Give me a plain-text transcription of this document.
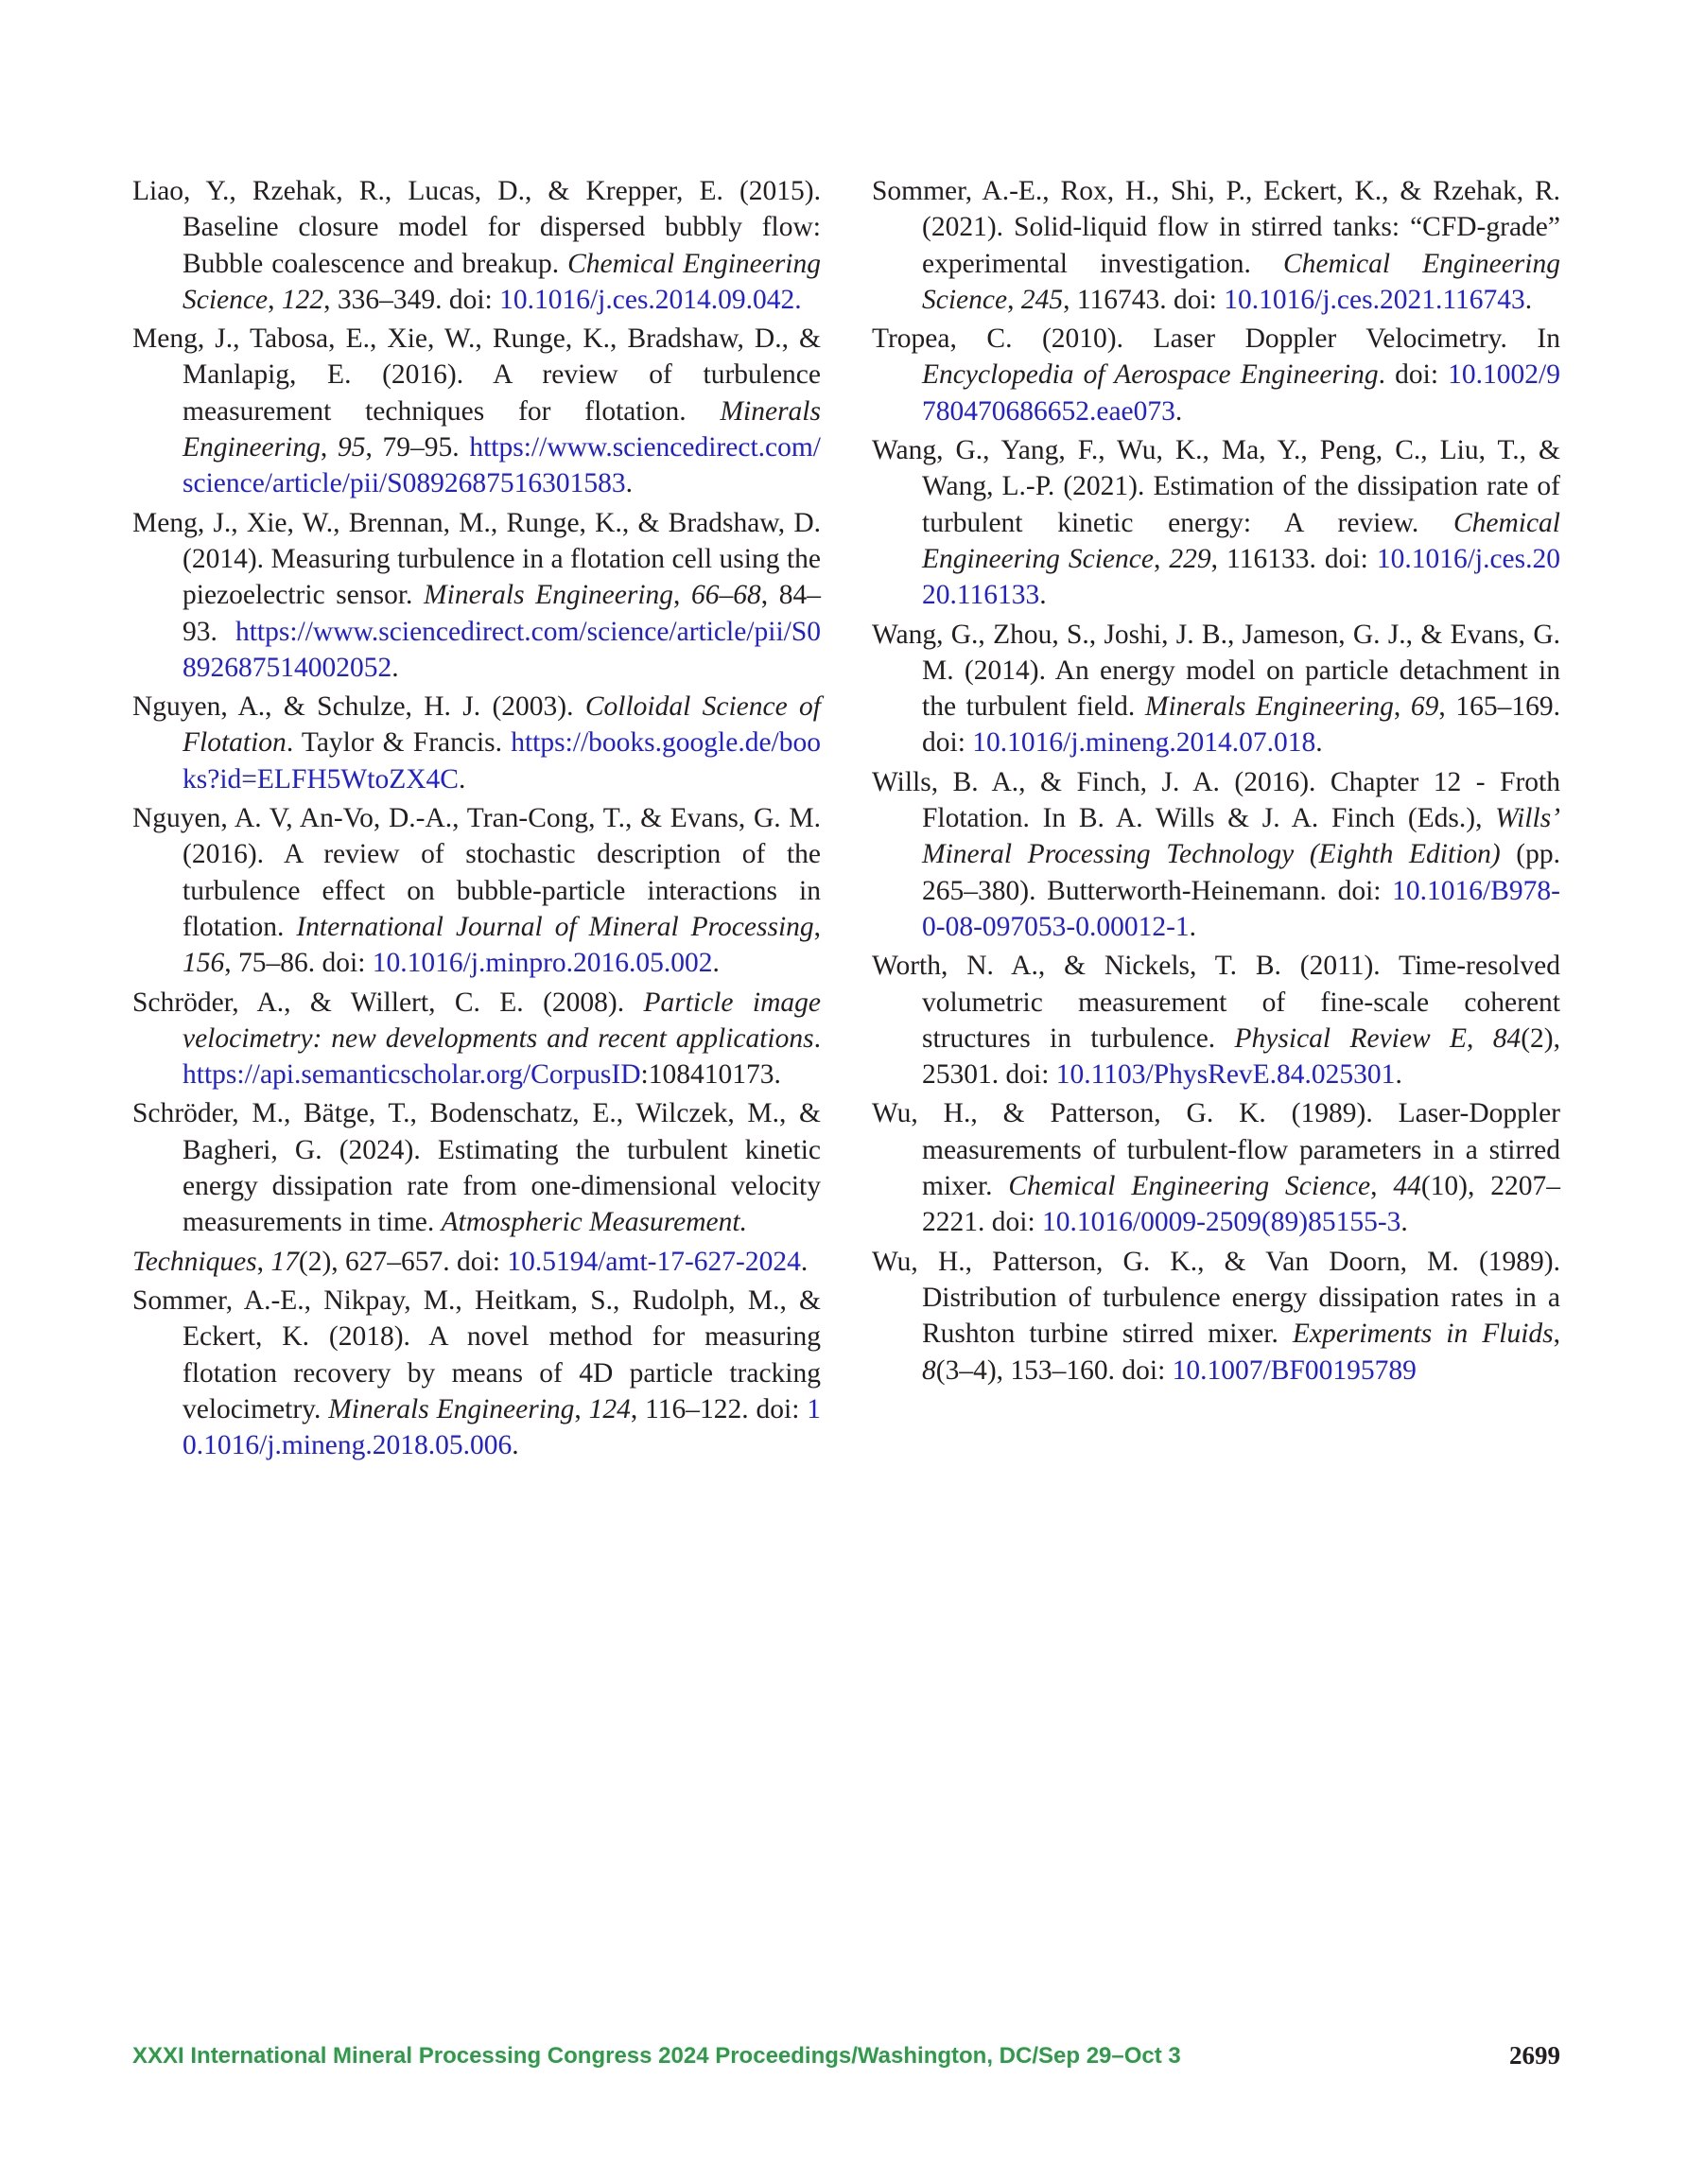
Liao, Y., Rzehak, R., Lucas, D., & Krepper, E. (2015). Baseline closure model for dispersed bubbly flow: Bubble coalescence and breakup. Chemical Engineering Science, 122, 336–349. doi: 10.1016/j.ces.2014.09.042.

Meng, J., Tabosa, E., Xie, W., Runge, K., Bradshaw, D., & Manlapig, E. (2016). A review of turbulence measurement techniques for flotation. Minerals Engineering, 95, 79–95. https://www.sciencedirect.com/science/article/pii/S0892687516301583.

Meng, J., Xie, W., Brennan, M., Runge, K., & Bradshaw, D. (2014). Measuring turbulence in a flotation cell using the piezoelectric sensor. Minerals Engineering, 66–68, 84–93. https://www.sciencedirect.com/science/article/pii/S0892687514002052.

Nguyen, A., & Schulze, H. J. (2003). Colloidal Science of Flotation. Taylor & Francis. https://books.google.de/books?id=ELFH5WtoZX4C.

Nguyen, A. V, An-Vo, D.-A., Tran-Cong, T., & Evans, G. M. (2016). A review of stochastic description of the turbulence effect on bubble-particle interactions in flotation. International Journal of Mineral Processing, 156, 75–86. doi: 10.1016/j.minpro.2016.05.002.

Schröder, A., & Willert, C. E. (2008). Particle image velocimetry: new developments and recent applications. https://api.semanticscholar.org/CorpusID:108410173.

Schröder, M., Bätge, T., Bodenschatz, E., Wilczek, M., & Bagheri, G. (2024). Estimating the turbulent kinetic energy dissipation rate from one-dimensional velocity measurements in time. Atmospheric Measurement.

Techniques, 17(2), 627–657. doi: 10.5194/amt-17-627-2024.

Sommer, A.-E., Nikpay, M., Heitkam, S., Rudolph, M., & Eckert, K. (2018). A novel method for measuring flotation recovery by means of 4D particle tracking velocimetry. Minerals Engineering, 124, 116–122. doi: 10.1016/j.mineng.2018.05.006.

Sommer, A.-E., Rox, H., Shi, P., Eckert, K., & Rzehak, R. (2021). Solid-liquid flow in stirred tanks: “CFD-grade” experimental investigation. Chemical Engineering Science, 245, 116743. doi: 10.1016/j.ces.2021.116743.

Tropea, C. (2010). Laser Doppler Velocimetry. In Encyclopedia of Aerospace Engineering. doi: 10.1002/9780470686652.eae073.

Wang, G., Yang, F., Wu, K., Ma, Y., Peng, C., Liu, T., & Wang, L.-P. (2021). Estimation of the dissipation rate of turbulent kinetic energy: A review. Chemical Engineering Science, 229, 116133. doi: 10.1016/j.ces.2020.116133.

Wang, G., Zhou, S., Joshi, J. B., Jameson, G. J., & Evans, G. M. (2014). An energy model on particle detachment in the turbulent field. Minerals Engineering, 69, 165–169. doi: 10.1016/j.mineng.2014.07.018.

Wills, B. A., & Finch, J. A. (2016). Chapter 12 - Froth Flotation. In B. A. Wills & J. A. Finch (Eds.), Wills’ Mineral Processing Technology (Eighth Edition) (pp. 265–380). Butterworth-Heinemann. doi: 10.1016/B978-0-08-097053-0.00012-1.

Worth, N. A., & Nickels, T. B. (2011). Time-resolved volumetric measurement of fine-scale coherent structures in turbulence. Physical Review E, 84(2), 25301. doi: 10.1103/PhysRevE.84.025301.

Wu, H., & Patterson, G. K. (1989). Laser-Doppler measurements of turbulent-flow parameters in a stirred mixer. Chemical Engineering Science, 44(10), 2207–2221. doi: 10.1016/0009-2509(89)85155-3.

Wu, H., Patterson, G. K., & Van Doorn, M. (1989). Distribution of turbulence energy dissipation rates in a Rushton turbine stirred mixer. Experiments in Fluids, 8(3–4), 153–160. doi: 10.1007/BF00195789

XXXI International Mineral Processing Congress 2024 Proceedings/Washington, DC/Sep 29–Oct 3	2699
